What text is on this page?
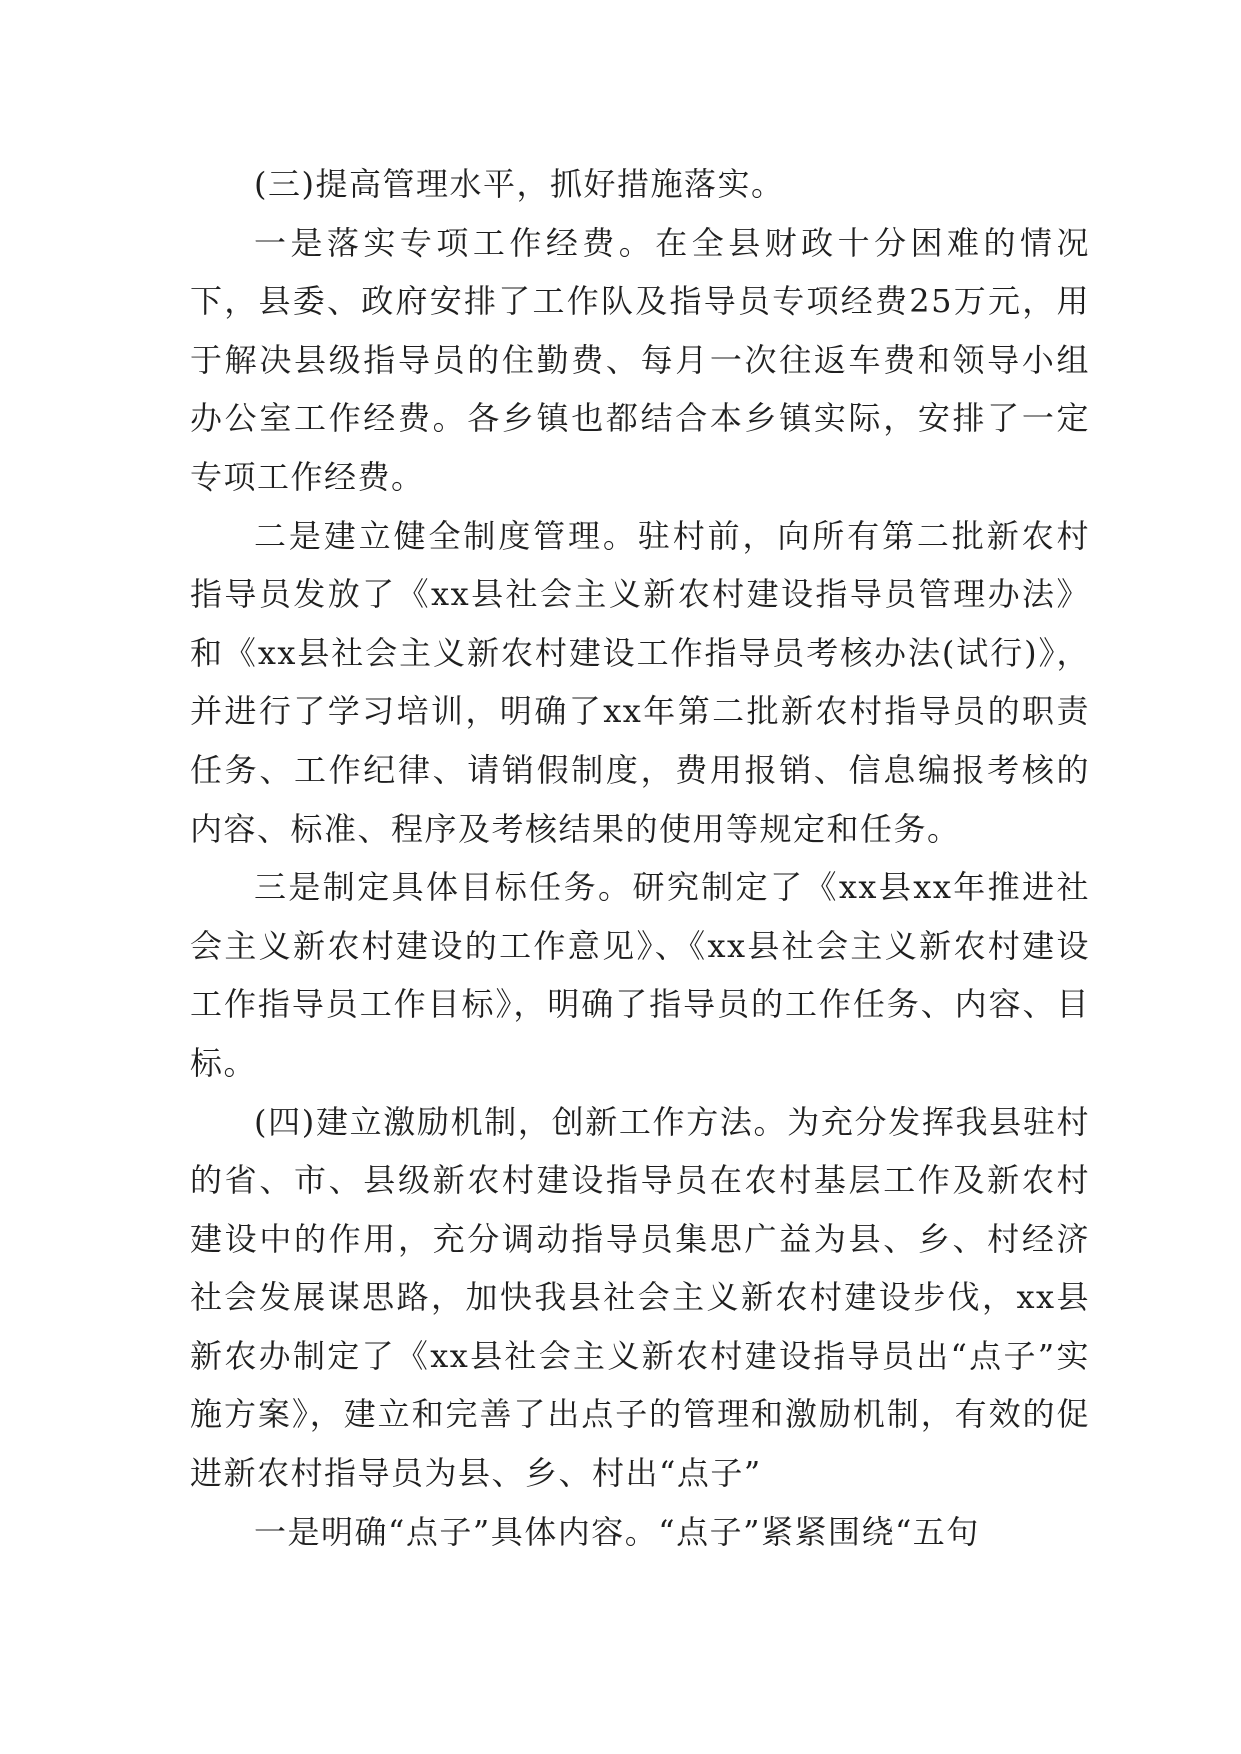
(三)提高管理水平，抓好措施落实。

一是落实专项工作经费。在全县财政十分困难的情况下，县委、政府安排了工作队及指导员专项经费25万元，用于解决县级指导员的住勤费、每月一次往返车费和领导小组办公室工作经费。各乡镇也都结合本乡镇实际，安排了一定专项工作经费。

二是建立健全制度管理。驻村前，向所有第二批新农村指导员发放了《xx县社会主义新农村建设指导员管理办法》和《xx县社会主义新农村建设工作指导员考核办法(试行)》，并进行了学习培训，明确了xx年第二批新农村指导员的职责任务、工作纪律、请销假制度，费用报销、信息编报考核的内容、标准、程序及考核结果的使用等规定和任务。

三是制定具体目标任务。研究制定了《xx县xx年推进社会主义新农村建设的工作意见》、《xx县社会主义新农村建设工作指导员工作目标》，明确了指导员的工作任务、内容、目标。

(四)建立激励机制，创新工作方法。为充分发挥我县驻村的省、市、县级新农村建设指导员在农村基层工作及新农村建设中的作用，充分调动指导员集思广益为县、乡、村经济社会发展谋思路，加快我县社会主义新农村建设步伐，xx县新农办制定了《xx县社会主义新农村建设指导员出“点子”实施方案》，建立和完善了出点子的管理和激励机制，有效的促进新农村指导员为县、乡、村出“点子”

一是明确“点子”具体内容。“点子”紧紧围绕“五句
